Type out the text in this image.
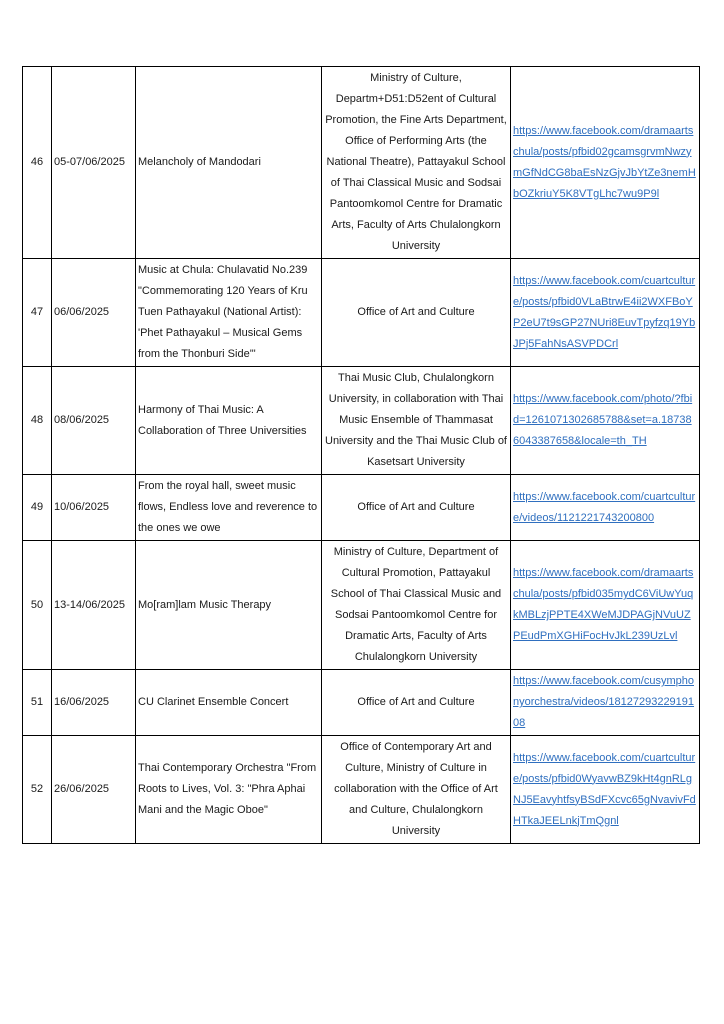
46	05-07/06/2025	Melancholy of Mandodari	Ministry of Culture, Departm+D51:D52ent of Cultural Promotion, the Fine Arts Department, Office of Performing Arts (the National Theatre), Pattayakul School of Thai Classical Music and Sodsai Pantoomkomol Centre for Dramatic Arts, Faculty of Arts Chulalongkorn University	https://www.facebook.com/dramaartschula/posts/pfbid02gcamsgrvmNwzymGfNdCG8baEsNzGjvJbYtZe3nemHbOZkriuY5K8VTgLhc7wu9P9l
47	06/06/2025	Music at Chula: Chulavatid No.239 "Commemorating 120 Years of Kru Tuen Pathayakul (National Artist): 'Phet Pathayakul – Musical Gems from the Thonburi Side'"	Office of Art and Culture	https://www.facebook.com/cuartculture/posts/pfbid0VLaBtrwE4ii2WXFBoYP2eU7t9sGP27NUri8EuvTpyfzq19YbJPj5FahNsASVPDCrl
48	08/06/2025	Harmony of Thai Music: A Collaboration of Three Universities	Thai Music Club, Chulalongkorn University, in collaboration with Thai Music Ensemble of Thammasat University and the Thai Music Club of Kasetsart University	https://www.facebook.com/photo/?fbid=1261071302685788&set=a.187386043387658&locale=th_TH
49	10/06/2025	From the royal hall, sweet music flows, Endless love and reverence to the ones we owe	Office of Art and Culture	https://www.facebook.com/cuartculture/videos/1121221743200800
50	13-14/06/2025	Mo[ram]lam Music Therapy	Ministry of Culture, Department of Cultural Promotion, Pattayakul School of Thai Classical Music and Sodsai Pantoomkomol Centre for Dramatic Arts, Faculty of Arts Chulalongkorn University	https://www.facebook.com/dramaartschula/posts/pfbid035mydC6ViUwYuqkMBLzjPPTE4XWeMJDPAGjNVuUZPEudPmXGHiFocHvJkL239UzLvl
51	16/06/2025	CU Clarinet Ensemble Concert	Office of Art and Culture	https://www.facebook.com/cusymphonyorchestra/videos/1812729322919108
52	26/06/2025	Thai Contemporary Orchestra "From Roots to Lives, Vol. 3: "Phra Aphai Mani and the Magic Oboe"	Office of Contemporary Art and Culture, Ministry of Culture in collaboration with the Office of Art and Culture, Chulalongkorn University	https://www.facebook.com/cuartculture/posts/pfbid0WyavwBZ9kHt4gnRLgNJ5EavyhtfsyBSdFXcvc65gNvavivFdHTkaJEELnkjTmQgnl
